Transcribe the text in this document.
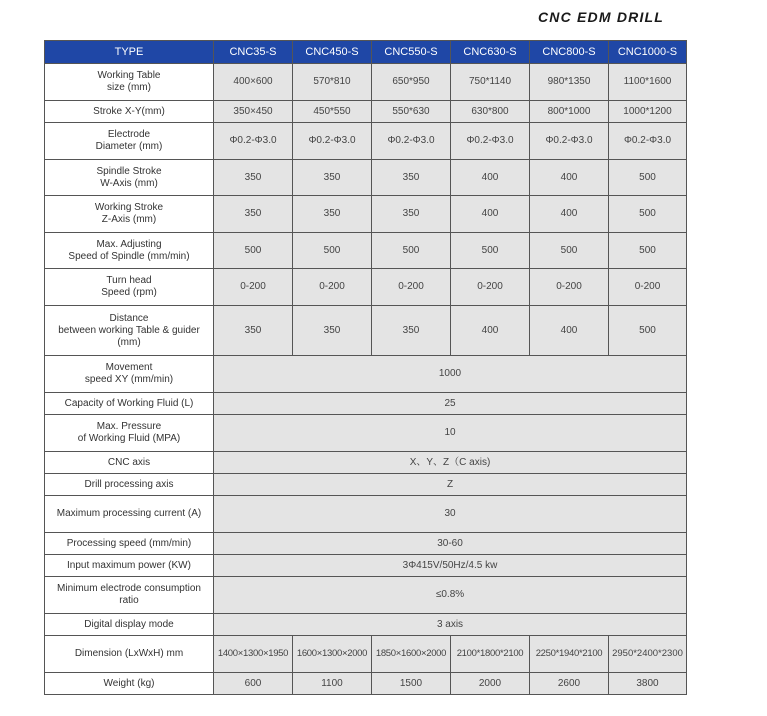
CNC EDM DRILL
TYPE	CNC35-S	CNC450-S	CNC550-S	CNC630-S	CNC800-S	CNC1000-S
Working Table
size (mm)	400×600	570*810	650*950	750*1140	980*1350	1100*1600
Stroke X-Y(mm)	350×450	450*550	550*630	630*800	800*1000	1000*1200
Electrode
Diameter (mm)	Φ0.2-Φ3.0	Φ0.2-Φ3.0	Φ0.2-Φ3.0	Φ0.2-Φ3.0	Φ0.2-Φ3.0	Φ0.2-Φ3.0
Spindle Stroke
W-Axis (mm)	350	350	350	400	400	500
Working Stroke
Z-Axis (mm)	350	350	350	400	400	500
Max. Adjusting
Speed of Spindle (mm/min)	500	500	500	500	500	500
Turn head
Speed (rpm)	0-200	0-200	0-200	0-200	0-200	0-200
Distance
between working Table & guider
(mm)	350	350	350	400	400	500
Movement
speed XY (mm/min)	1000					
Capacity of Working Fluid (L)	25					
Max. Pressure
of Working Fluid (MPA)	10					
CNC axis	X、Y、Z（C axis)					
Drill processing axis	Z					
Maximum processing current (A)	30					
Processing speed (mm/min)	30-60					
Input maximum power (KW)	3Φ415V/50Hz/4.5 kw					
Minimum electrode consumption
ratio	≤0.8%					
Digital display mode	3 axis					
Dimension (LxWxH) mm	1400×1300×1950	1600×1300×2000	1850×1600×2000	2100*1800*2100	2250*1940*2100	2950*2400*2300
Weight (kg)	600	1100	1500	2000	2600	3800
